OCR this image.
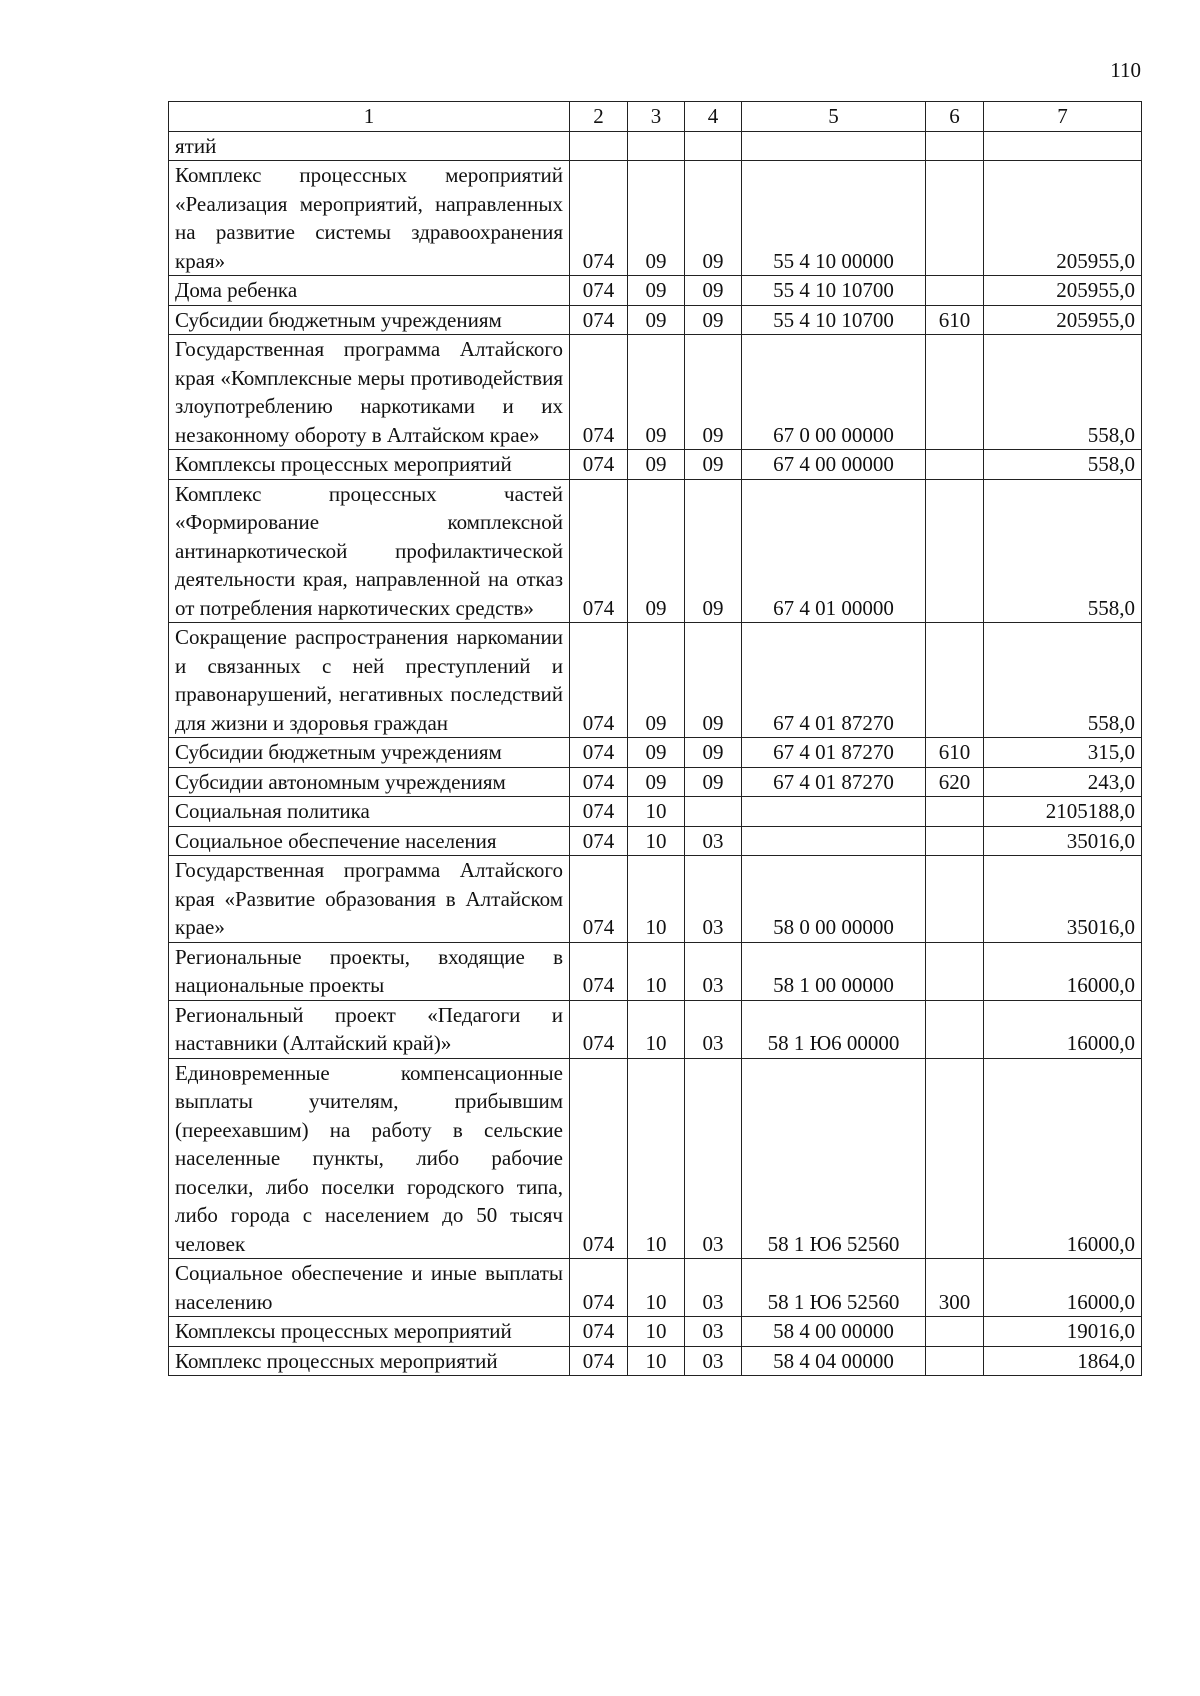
110
1	2	3	4	5	6	7
ятий						
Комплекс процессных мероприятий «Реализация мероприятий, направленных на развитие системы здравоохранения края»	074	09	09	55 4 10 00000		205955,0
Дома ребенка	074	09	09	55 4 10 10700		205955,0
Субсидии бюджетным учреждениям	074	09	09	55 4 10 10700	610	205955,0
Государственная программа Алтайского края «Комплексные меры противодействия злоупотреблению наркотиками и их незаконному обороту в Алтайском крае»	074	09	09	67 0 00 00000		558,0
Комплексы процессных мероприятий	074	09	09	67 4 00 00000		558,0
Комплекс процессных частей «Формирование комплексной антинаркотической профилактической деятельности края, направленной на отказ от потребления наркотических средств»	074	09	09	67 4 01 00000		558,0
Сокращение распространения наркомании и связанных с ней преступлений и правонарушений, негативных последствий для жизни и здоровья граждан	074	09	09	67 4 01 87270		558,0
Субсидии бюджетным учреждениям	074	09	09	67 4 01 87270	610	315,0
Субсидии автономным учреждениям	074	09	09	67 4 01 87270	620	243,0
Социальная политика	074	10				2105188,0
Социальное обеспечение населения	074	10	03			35016,0
Государственная программа Алтайского края «Развитие образования в Алтайском крае»	074	10	03	58 0 00 00000		35016,0
Региональные проекты, входящие в национальные проекты	074	10	03	58 1 00 00000		16000,0
Региональный проект «Педагоги и наставники (Алтайский край)»	074	10	03	58 1 Ю6 00000		16000,0
Единовременные компенсационные выплаты учителям, прибывшим (переехавшим) на работу в сельские населенные пункты, либо рабочие поселки, либо поселки городского типа, либо города с населением до 50 тысяч человек	074	10	03	58 1 Ю6 52560		16000,0
Социальное обеспечение и иные выплаты населению	074	10	03	58 1 Ю6 52560	300	16000,0
Комплексы процессных мероприятий	074	10	03	58 4 00 00000		19016,0
Комплекс процессных мероприятий	074	10	03	58 4 04 00000		1864,0
